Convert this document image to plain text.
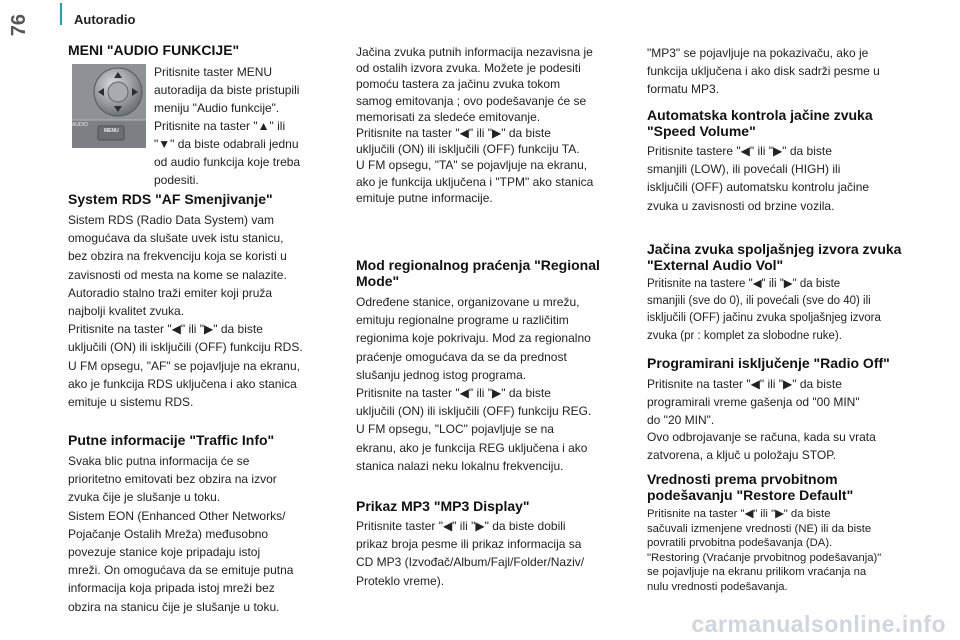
76	Autoradio
MENI "AUDIO FUNKCIJE"
AUDIO
MENU

Pritisnite taster MENU
autoradija da biste pristupili
meniju "Audio funkcije".
Pritisnite na taster "▲" ili
"▼" da biste odabrali jednu
od audio funkcija koje treba
podesiti.

System RDS "AF Smenjivanje"

Sistem RDS (Radio Data System) vam
omogućava da slušate uvek istu stanicu,
bez obzira na frekvenciju koja se koristi u
zavisnosti od mesta na kome se nalazite.
Autoradio stalno traži emiter koji pruža
najbolji kvalitet zvuka.
Pritisnite na taster "◀" ili "▶" da biste
uključili (ON) ili isključili (OFF) funkciju RDS.
U FM opsegu, "AF" se pojavljuje na ekranu,
ako je funkcija RDS uključena i ako stanica
emituje u sistemu RDS.

Putne informacije "Traffic Info"

Svaka blic putna informacija će se
prioritetno emitovati bez obzira na izvor
zvuka čije je slušanje u toku.
Sistem EON (Enhanced Other Networks/
Pojačanje Ostalih Mreža) međusobno
povezuje stanice koje pripadaju istoj
mreži. On omogućava da se emituje putna
informacija koja pripada istoj mreži bez
obzira na stanicu čije je slušanje u toku.

Jačina zvuka putnih informacija nezavisna je
od ostalih izvora zvuka. Možete je podesiti
pomoću tastera za jačinu zvuka tokom
samog emitovanja ; ovo podešavanje će se
memorisati za sledeće emitovanje.
Pritisnite na taster "◀" ili "▶" da biste
uključili (ON) ili isključili (OFF) funkciju TA.
U FM opsegu, "TA" se pojavljuje na ekranu,
ako je funkcija uključena i "TPM" ako stanica
emituje putne informacije.

Mod regionalnog praćenja "Regional Mode"

Određene stanice, organizovane u mrežu,
emituju regionalne programe u različitim
regionima koje pokrivaju. Mod za regionalno
praćenje omogućava da se da prednost
slušanju jednog istog programa.
Pritisnite na taster "◀" ili "▶" da biste
uključili (ON) ili isključili (OFF) funkciju REG.
U FM opsegu, "LOC" pojavljuje se na
ekranu, ako je funkcija REG uključena i ako
stanica nalazi neku lokalnu frekvenciju.

Prikaz MP3 "MP3 Display"

Pritisnite taster "◀" ili "▶" da biste dobili
prikaz broja pesme ili prikaz informacija sa
CD MP3 (Izvođač/Album/Fajl/Folder/Naziv/
Proteklo vreme).

"MP3" se pojavljuje na pokazivaču, ako je
funkcija uključena i ako disk sadrži pesme u
formatu MP3.

Automatska kontrola jačine zvuka "Speed Volume"

Pritisnite tastere "◀" ili "▶" da biste
smanjili (LOW), ili povećali (HIGH) ili
isključili (OFF) automatsku kontrolu jačine
zvuka u zavisnosti od brzine vozila.

Jačina zvuka spoljašnjeg izvora zvuka "External Audio Vol"

Pritisnite na tastere "◀" ili "▶" da biste
smanjili (sve do 0), ili povećali (sve do 40) ili
isključili (OFF) jačinu zvuka spoljašnjeg izvora
zvuka (pr : komplet za slobodne ruke).

Programirani isključenje "Radio Off"

Pritisnite na taster "◀" ili "▶" da biste
programirali vreme gašenja od "00 MIN"
do "20 MIN".

Ovo odbrojavanje se računa, kada su vrata
zatvorena, a ključ u položaju STOP.

Vrednosti prema prvobitnom podešavanju "Restore Default"

Pritisnite na taster "◀" ili "▶" da biste
sačuvali izmenjene vrednosti (NE) ili da biste
povratili prvobitna podešavanja (DA).
"Restoring (Vraćanje prvobitnog podešavanja)"
se pojavljuje na ekranu prilikom vraćanja na
nulu vrednosti podešavanja.

carmanualsonline.info
